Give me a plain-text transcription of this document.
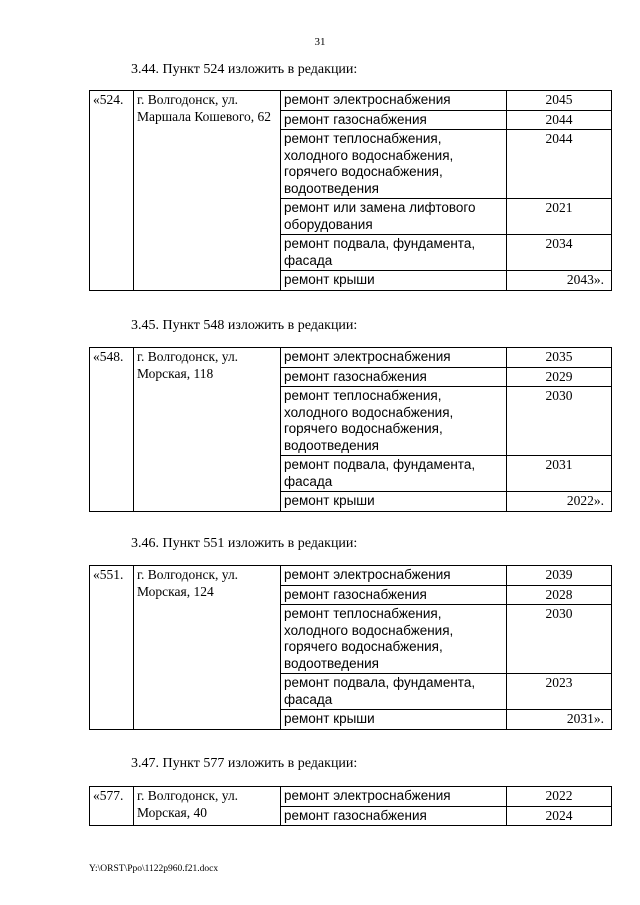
31
3.44. Пункт 524 изложить в редакции:
«524.	г. Волгодонск, ул. Маршала Кошевого, 62	ремонт электроснабжения	2045
		ремонт газоснабжения	2044
		ремонт теплоснабжения, холодного водоснабжения, горячего водоснабжения, водоотведения	2044
		ремонт или замена лифтового оборудования	2021
		ремонт подвала, фундамента, фасада	2034
		ремонт крыши	2043».
3.45. Пункт 548 изложить в редакции:
«548.	г. Волгодонск, ул. Морская, 118	ремонт электроснабжения	2035
		ремонт газоснабжения	2029
		ремонт теплоснабжения, холодного водоснабжения, горячего водоснабжения, водоотведения	2030
		ремонт подвала, фундамента, фасада	2031
		ремонт крыши	2022».
3.46. Пункт 551 изложить в редакции:
«551.	г. Волгодонск, ул. Морская, 124	ремонт электроснабжения	2039
		ремонт газоснабжения	2028
		ремонт теплоснабжения, холодного водоснабжения, горячего водоснабжения, водоотведения	2030
		ремонт подвала, фундамента, фасада	2023
		ремонт крыши	2031».
3.47. Пункт 577 изложить в редакции:
«577.	г. Волгодонск, ул. Морская, 40	ремонт электроснабжения	2022
		ремонт газоснабжения	2024
Y:\ORST\Ppo\1122p960.f21.docx
